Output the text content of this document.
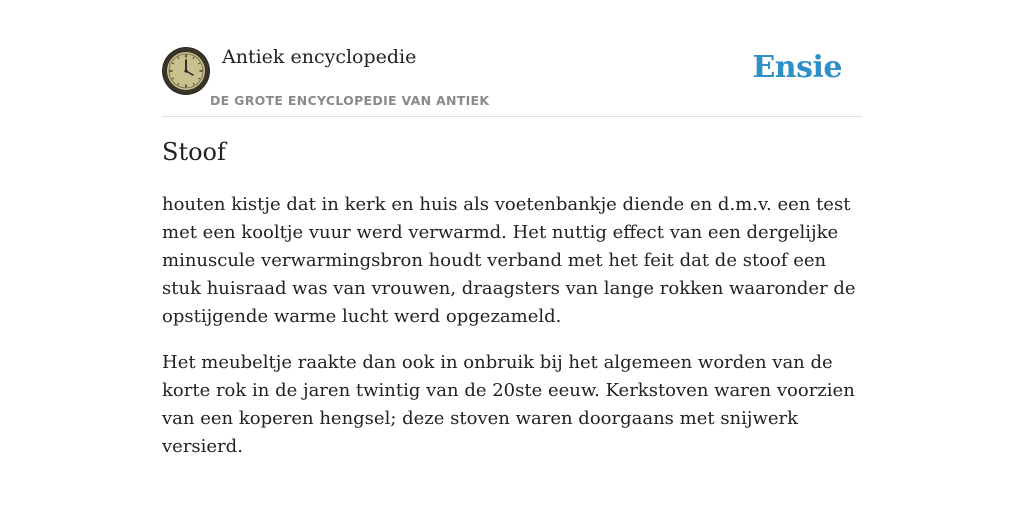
Antiek encyclopedie
DE GROTE ENCYCLOPEDIE VAN ANTIEK
Ensie
Stoof

houten kistje dat in kerk en huis als voetenbankje diende en d.m.v. een test met een kooltje vuur werd verwarmd. Het nuttig effect van een dergelijke minuscule verwarmingsbron houdt verband met het feit dat de stoof een stuk huisraad was van vrouwen, draagsters van lange rokken waaronder de opstijgende warme lucht werd opgezameld.

Het meubeltje raakte dan ook in onbruik bij het algemeen worden van de korte rok in de jaren twintig van de 20ste eeuw. Kerkstoven waren voorzien van een koperen hengsel; deze stoven waren doorgaans met snijwerk versierd.
